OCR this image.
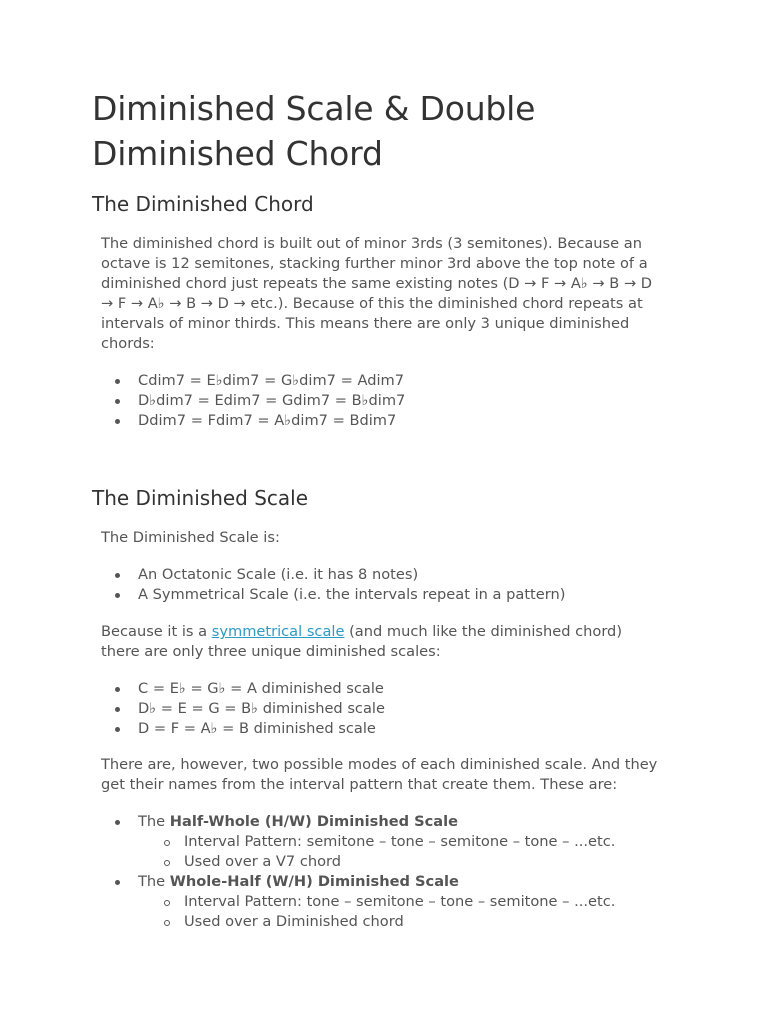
Diminished Scale & Double Diminished Chord
The Diminished Chord

The diminished chord is built out of minor 3rds (3 semitones). Because an octave is 12 semitones, stacking further minor 3rd above the top note of a diminished chord just repeats the same existing notes (D → F → A♭ → B → D → F → A♭ → B → D → etc.). Because of this the diminished chord repeats at intervals of minor thirds. This means there are only 3 unique diminished chords:

Cdim7 = E♭dim7 = G♭dim7 = Adim7
D♭dim7 = Edim7 = Gdim7 = B♭dim7
Ddim7 = Fdim7 = A♭dim7 = Bdim7
The Diminished Scale

The Diminished Scale is:

An Octatonic Scale (i.e. it has 8 notes)
A Symmetrical Scale (i.e. the intervals repeat in a pattern)

Because it is a symmetrical scale (and much like the diminished chord) there are only three unique diminished scales:

C = E♭ = G♭ = A diminished scale
D♭ = E = G = B♭ diminished scale
D = F = A♭ = B diminished scale

There are, however, two possible modes of each diminished scale. And they get their names from the interval pattern that create them. These are:

The Half-Whole (H/W) Diminished Scale
Interval Pattern: semitone – tone – semitone – tone – ...etc.
Used over a V7 chord
The Whole-Half (W/H) Diminished Scale
Interval Pattern: tone – semitone – tone – semitone – ...etc.
Used over a Diminished chord
